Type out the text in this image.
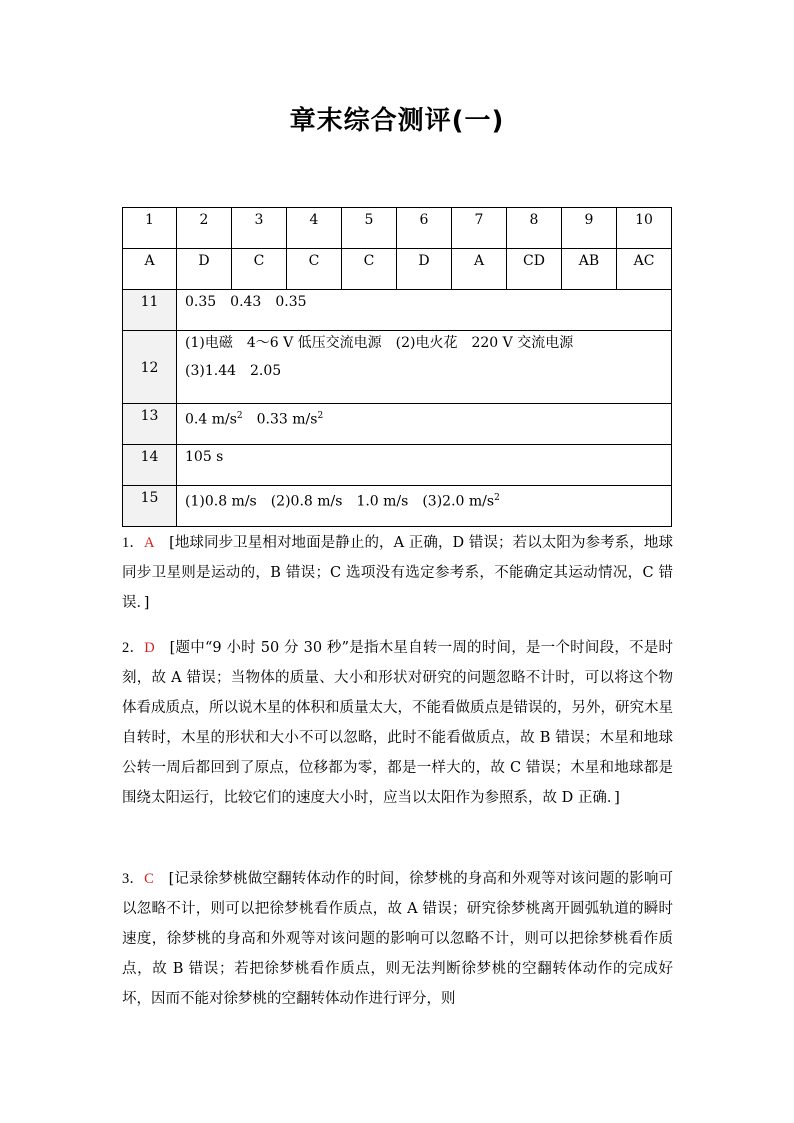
章末综合测评(一)
1	2	3	4	5	6	7	8	9	10
A	D	C	C	C	D	A	CD	AB	AC
11	0.35　0.43　0.35								
12	(1)电磁　4～6 V 低压交流电源　(2)电火花　220 V 交流电源
(3)1.44　2.05								

13	0.4 $m/s^2$　0.33 $m/s^2$
14	105 s								
15	(1)0.8 m/s　(2)0.8 m/s　1.0 m/s　(3)2.0 $m/s^2$
1．A　[地球同步卫星相对地面是静止的，A 正确，D 错误；若以太阳为参考系，地球同步卫星则是运动的，B 错误；C 选项没有选定参考系，不能确定其运动情况，C 错误．]
2．D　[题中“9 小时 50 分 30 秒”是指木星自转一周的时间，是一个时间段，不是时刻，故 A 错误；当物体的质量、大小和形状对研究的问题忽略不计时，可以将这个物体看成质点，所以说木星的体积和质量太大，不能看做质点是错误的，另外，研究木星自转时，木星的形状和大小不可以忽略，此时不能看做质点，故 B 错误；木星和地球公转一周后都回到了原点，位移都为零，都是一样大的，故 C 错误；木星和地球都是围绕太阳运行，比较它们的速度大小时，应当以太阳作为参照系，故 D 正确．]
3．C　[记录徐梦桃做空翻转体动作的时间，徐梦桃的身高和外观等对该问题的影响可以忽略不计，则可以把徐梦桃看作质点，故 A 错误；研究徐梦桃离开圆弧轨道的瞬时速度，徐梦桃的身高和外观等对该问题的影响可以忽略不计，则可以把徐梦桃看作质点，故 B 错误；若把徐梦桃看作质点，则无法判断徐梦桃的空翻转体动作的完成好坏，因而不能对徐梦桃的空翻转体动作进行评分，则
